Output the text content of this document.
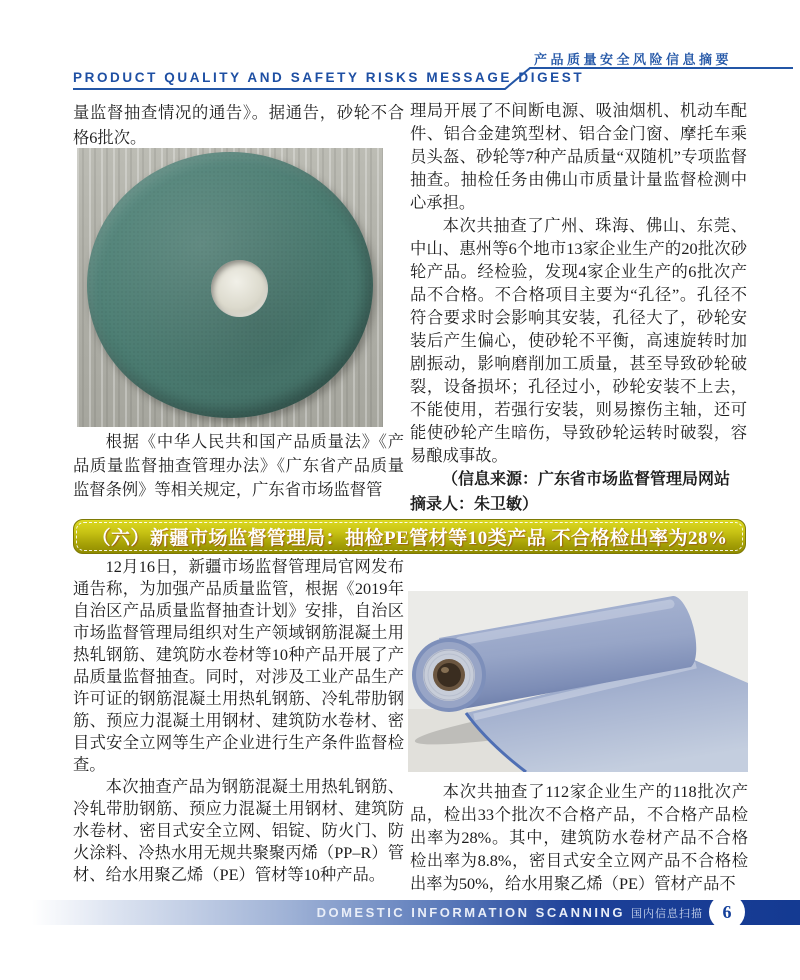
PRODUCT QUALITY AND SAFETY RISKS MESSAGE DIGEST
产品质量安全风险信息摘要
量监督抽查情况的通告》。据通告，砂轮不合格6批次。
根据《中华人民共和国产品质量法》《产品质量监督抽查管理办法》《广东省产品质量监督条例》等相关规定，广东省市场监督管
理局开展了不间断电源、吸油烟机、机动车配件、铝合金建筑型材、铝合金门窗、摩托车乘员头盔、砂轮等7种产品质量“双随机”专项监督抽查。抽检任务由佛山市质量计量监督检测中心承担。
本次共抽查了广州、珠海、佛山、东莞、中山、惠州等6个地市13家企业生产的20批次砂轮产品。经检验，发现4家企业生产的6批次产品不合格。不合格项目主要为“孔径”。孔径不符合要求时会影响其安装，孔径大了，砂轮安装后产生偏心，使砂轮不平衡，高速旋转时加剧振动，影响磨削加工质量，甚至导致砂轮破裂，设备损坏；孔径过小，砂轮安装不上去，不能使用，若强行安装，则易擦伤主轴，还可能使砂轮产生暗伤，导致砂轮运转时破裂，容易酿成事故。
（信息来源：广东省市场监督管理局网站
摘录人：朱卫敏）
（六）新疆市场监督管理局：抽检PE管材等10类产品 不合格检出率为28%
12月16日，新疆市场监督管理局官网发布通告称，为加强产品质量监管，根据《2019年自治区产品质量监督抽查计划》安排，自治区市场监督管理局组织对生产领域钢筋混凝土用热轧钢筋、建筑防水卷材等10种产品开展了产品质量监督抽查。同时，对涉及工业产品生产许可证的钢筋混凝土用热轧钢筋、冷轧带肋钢筋、预应力混凝土用钢材、建筑防水卷材、密目式安全立网等生产企业进行生产条件监督检查。
本次抽查产品为钢筋混凝土用热轧钢筋、冷轧带肋钢筋、预应力混凝土用钢材、建筑防水卷材、密目式安全立网、铝锭、防火门、防火涂料、冷热水用无规共聚聚丙烯（PP–R）管材、给水用聚乙烯（PE）管材等10种产品。
本次共抽查了112家企业生产的118批次产品，检出33个批次不合格产品，不合格产品检出率为28%。其中，建筑防水卷材产品不合格检出率为8.8%，密目式安全立网产品不合格检出率为50%，给水用聚乙烯（PE）管材产品不
DOMESTIC INFORMATION SCANNING 国内信息扫描	6
